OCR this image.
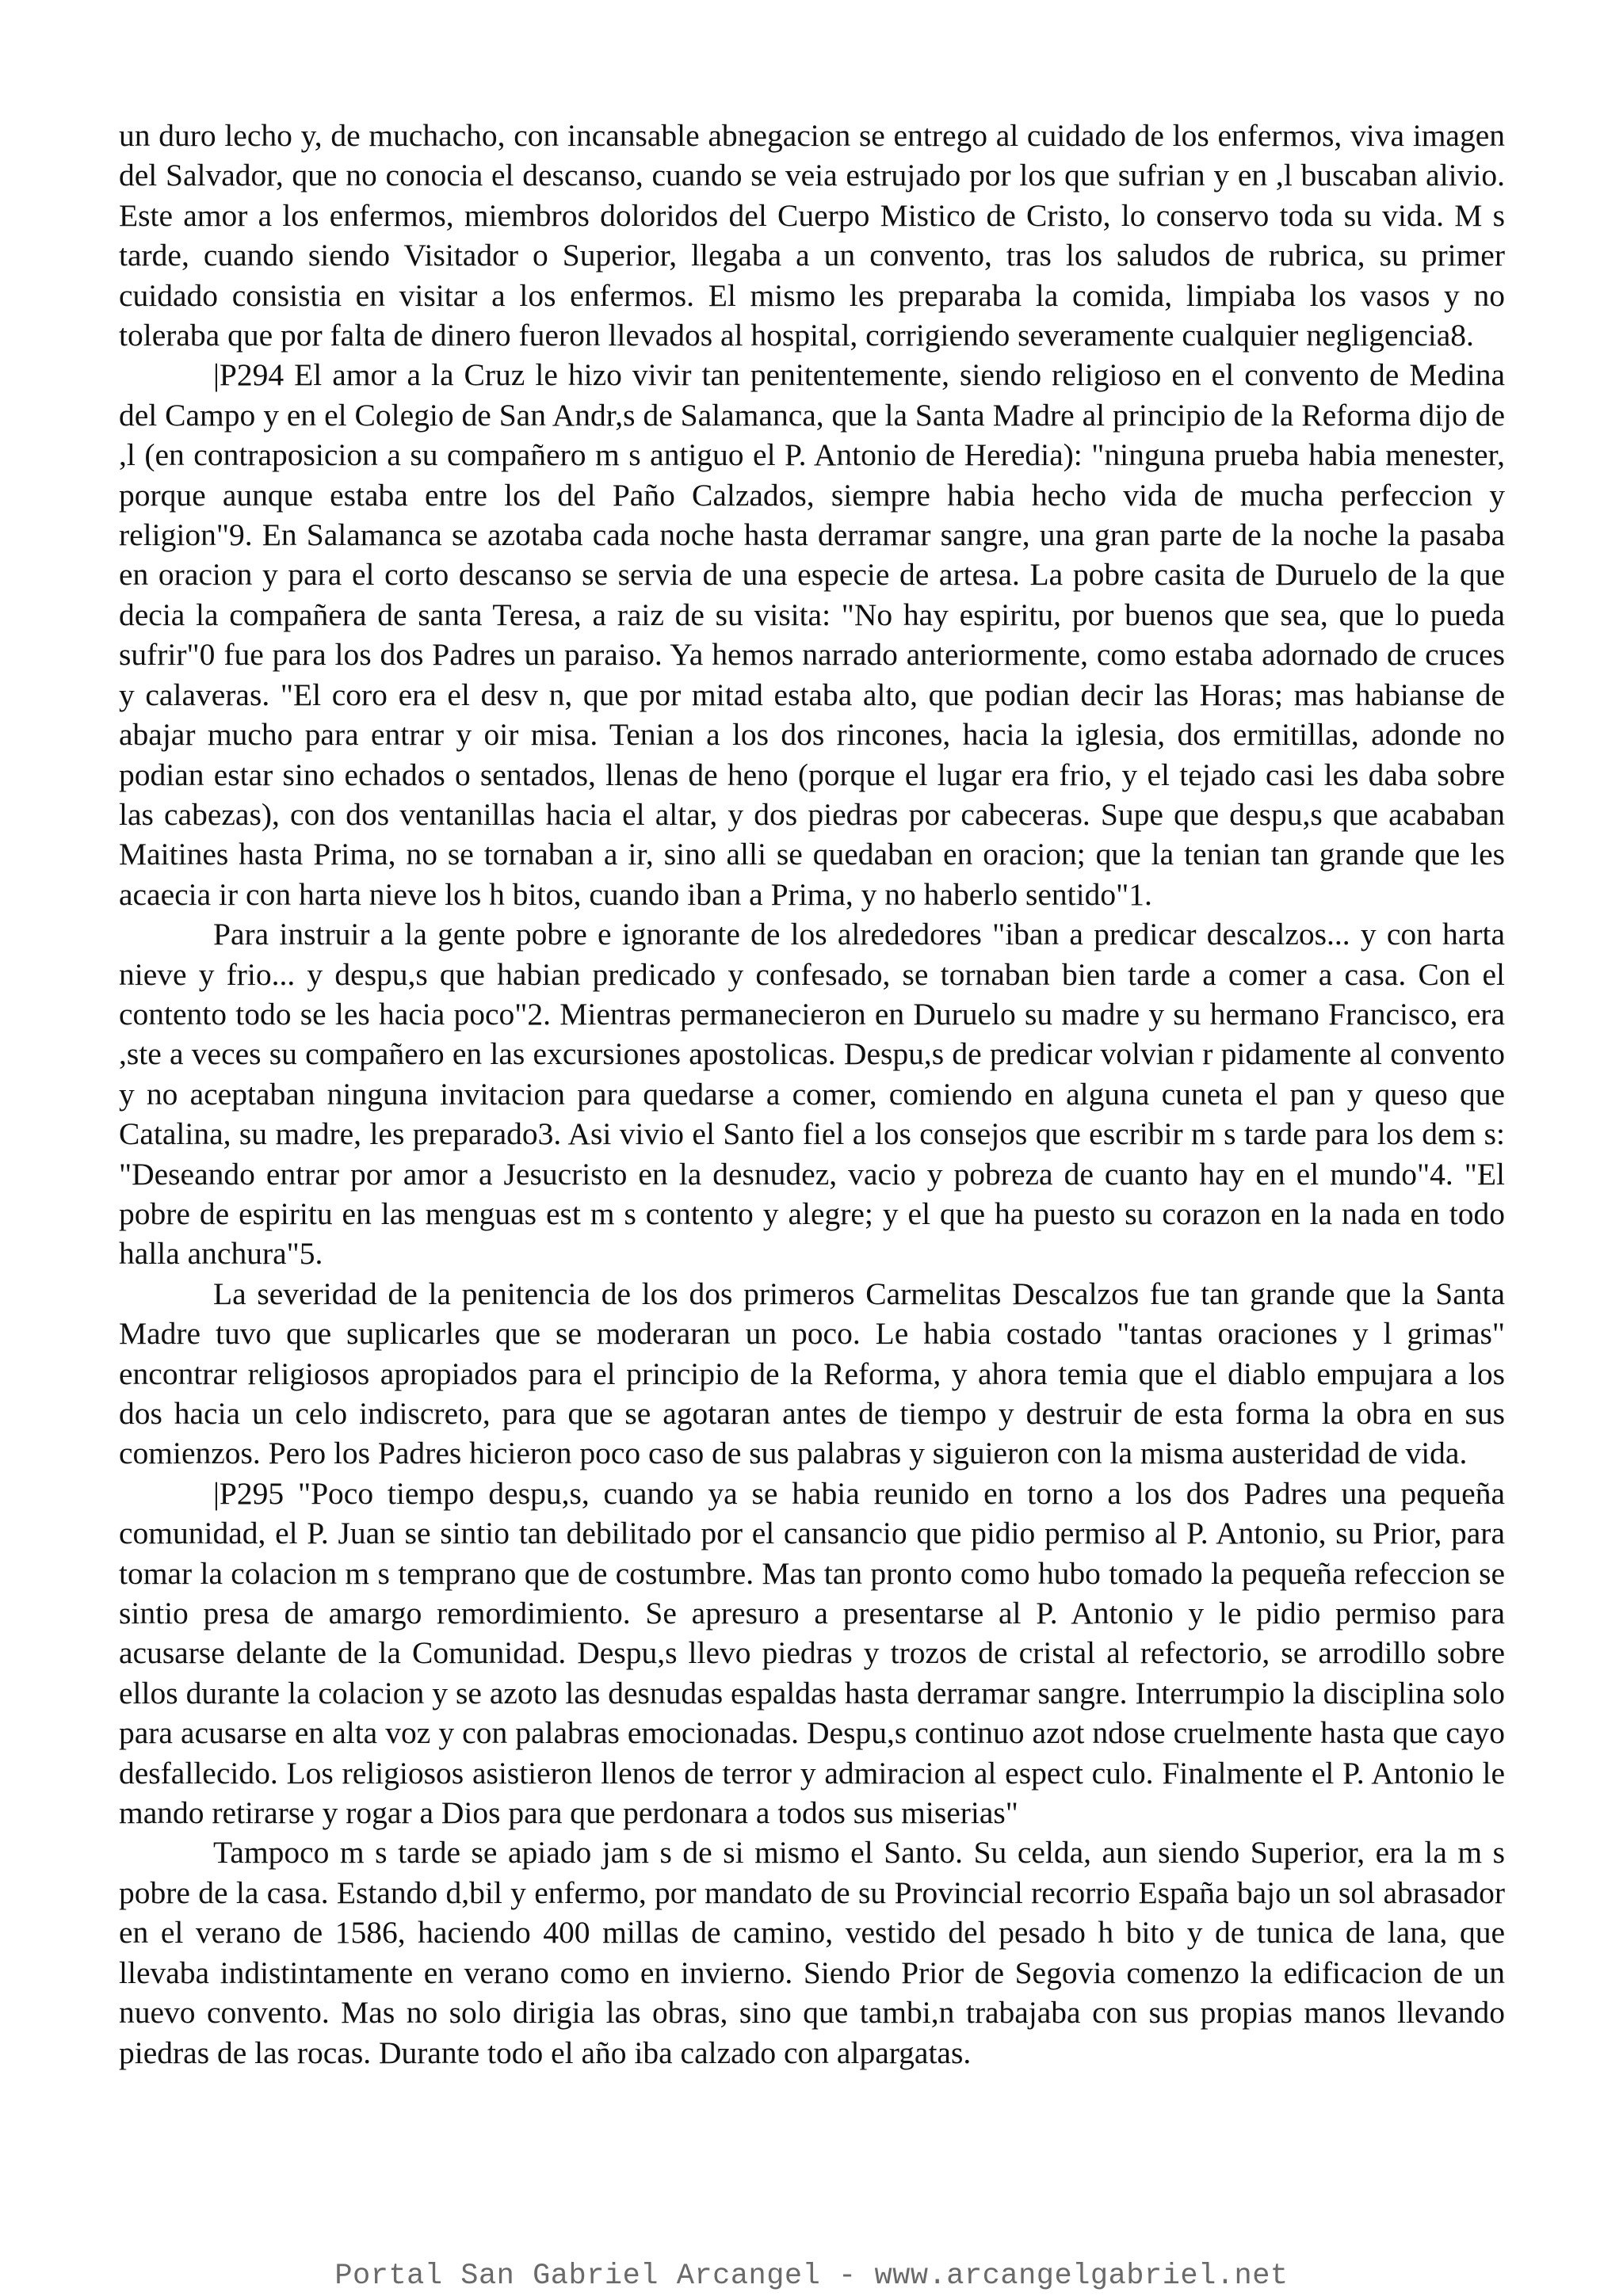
un duro lecho y, de muchacho, con incansable abnegacion se entrego al cuidado de los enfermos, viva imagen del Salvador, que no conocia el descanso, cuando se veia estrujado por los que sufrian y en ,l buscaban alivio. Este amor a los enfermos, miembros doloridos del Cuerpo Mistico de Cristo, lo conservo toda su vida. M s tarde, cuando siendo Visitador o Superior, llegaba a un convento, tras los saludos de rubrica, su primer cuidado consistia en visitar a los enfermos. El mismo les preparaba la comida, limpiaba los vasos y no toleraba que por falta de dinero fueron llevados al hospital, corrigiendo severamente cualquier negligencia8.

|P294 El amor a la Cruz le hizo vivir tan penitentemente, siendo religioso en el convento de Medina del Campo y en el Colegio de San Andr,s de Salamanca, que la Santa Madre al principio de la Reforma dijo de ,l (en contraposicion a su compañero m s antiguo el P. Antonio de Heredia): "ninguna prueba habia menester, porque aunque estaba entre los del Paño Calzados, siempre habia hecho vida de mucha perfeccion y religion"9. En Salamanca se azotaba cada noche hasta derramar sangre, una gran parte de la noche la pasaba en oracion y para el corto descanso se servia de una especie de artesa. La pobre casita de Duruelo de la que decia la compañera de santa Teresa, a raiz de su visita: "No hay espiritu, por buenos que sea, que lo pueda sufrir"0 fue para los dos Padres un paraiso. Ya hemos narrado anteriormente, como estaba adornado de cruces y calaveras. "El coro era el desv n, que por mitad estaba alto, que podian decir las Horas; mas habianse de abajar mucho para entrar y oir misa. Tenian a los dos rincones, hacia la iglesia, dos ermitillas, adonde no podian estar sino echados o sentados, llenas de heno (porque el lugar era frio, y el tejado casi les daba sobre las cabezas), con dos ventanillas hacia el altar, y dos piedras por cabeceras. Supe que despu,s que acababan Maitines hasta Prima, no se tornaban a ir, sino alli se quedaban en oracion; que la tenian tan grande que les acaecia ir con harta nieve los h bitos, cuando iban a Prima, y no haberlo sentido"1.

Para instruir a la gente pobre e ignorante de los alrededores "iban a predicar descalzos... y con harta nieve y frio... y despu,s que habian predicado y confesado, se tornaban bien tarde a comer a casa. Con el contento todo se les hacia poco"2. Mientras permanecieron en Duruelo su madre y su hermano Francisco, era ,ste a veces su compañero en las excursiones apostolicas. Despu,s de predicar volvian r pidamente al convento y no aceptaban ninguna invitacion para quedarse a comer, comiendo en alguna cuneta el pan y queso que Catalina, su madre, les preparado3. Asi vivio el Santo fiel a los consejos que escribir m s tarde para los dem s: "Deseando entrar por amor a Jesucristo en la desnudez, vacio y pobreza de cuanto hay en el mundo"4. "El pobre de espiritu en las menguas est m s contento y alegre; y el que ha puesto su corazon en la nada en todo halla anchura"5.

La severidad de la penitencia de los dos primeros Carmelitas Descalzos fue tan grande que la Santa Madre tuvo que suplicarles que se moderaran un poco. Le habia costado "tantas oraciones y l grimas" encontrar religiosos apropiados para el principio de la Reforma, y ahora temia que el diablo empujara a los dos hacia un celo indiscreto, para que se agotaran antes de tiempo y destruir de esta forma la obra en sus comienzos. Pero los Padres hicieron poco caso de sus palabras y siguieron con la misma austeridad de vida.

|P295 "Poco tiempo despu,s, cuando ya se habia reunido en torno a los dos Padres una pequeña comunidad, el P. Juan se sintio tan debilitado por el cansancio que pidio permiso al P. Antonio, su Prior, para tomar la colacion m s temprano que de costumbre. Mas tan pronto como hubo tomado la pequeña refeccion se sintio presa de amargo remordimiento. Se apresuro a presentarse al P. Antonio y le pidio permiso para acusarse delante de la Comunidad. Despu,s llevo piedras y trozos de cristal al refectorio, se arrodillo sobre ellos durante la colacion y se azoto las desnudas espaldas hasta derramar sangre. Interrumpio la disciplina solo para acusarse en alta voz y con palabras emocionadas. Despu,s continuo azot ndose cruelmente hasta que cayo desfallecido. Los religiosos asistieron llenos de terror y admiracion al espect culo. Finalmente el P. Antonio le mando retirarse y rogar a Dios para que perdonara a todos sus miserias"

Tampoco m s tarde se apiado jam s de si mismo el Santo. Su celda, aun siendo Superior, era la m s pobre de la casa. Estando d,bil y enfermo, por mandato de su Provincial recorrio España bajo un sol abrasador en el verano de 1586, haciendo 400 millas de camino, vestido del pesado h bito y de tunica de lana, que llevaba indistintamente en verano como en invierno. Siendo Prior de Segovia comenzo la edificacion de un nuevo convento. Mas no solo dirigia las obras, sino que tambi,n trabajaba con sus propias manos llevando piedras de las rocas. Durante todo el año iba calzado con alpargatas.

Portal San Gabriel Arcangel - www.arcangelgabriel.net
